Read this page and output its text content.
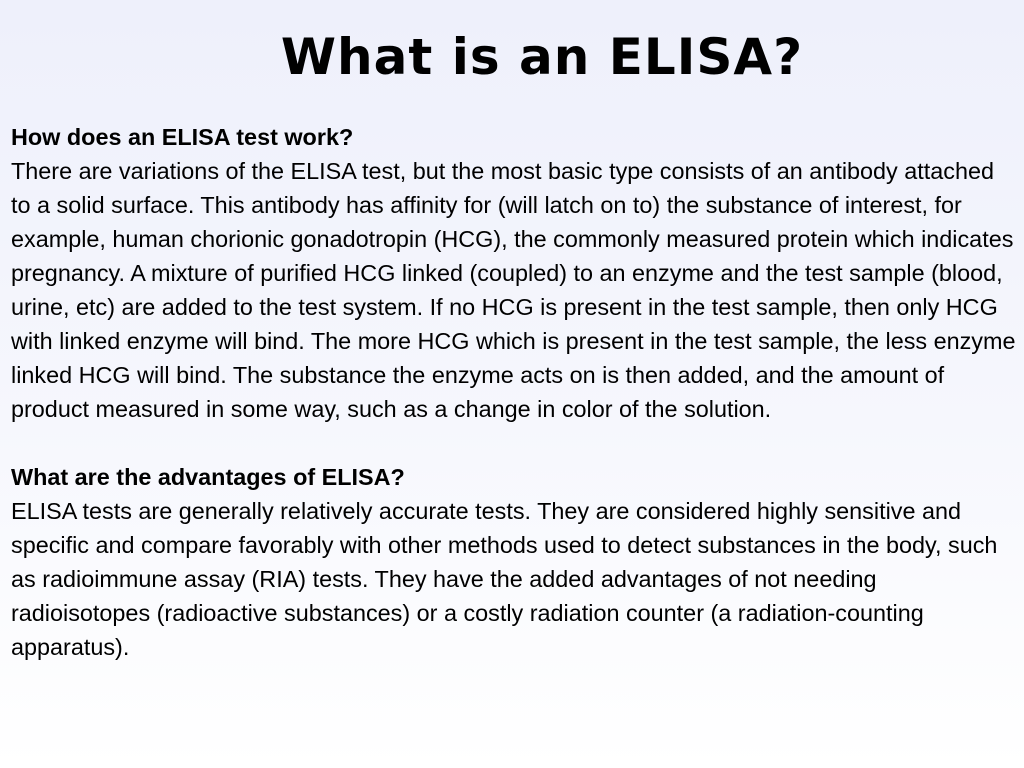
What is an ELISA?

How does an ELISA test work?

There are variations of the ELISA test, but the most basic type consists of an antibody attached to a solid surface. This antibody has affinity for (will latch on to) the substance of interest, for example, human chorionic gonadotropin (HCG), the commonly measured protein which indicates pregnancy. A mixture of purified HCG linked (coupled) to an enzyme and the test sample (blood, urine, etc) are added to the test system. If no HCG is present in the test sample, then only HCG with linked enzyme will bind. The more HCG which is present in the test sample, the less enzyme linked HCG will bind. The substance the enzyme acts on is then added, and the amount of product measured in some way, such as a change in color of the solution.

What are the advantages of ELISA?

ELISA tests are generally relatively accurate tests. They are considered highly sensitive and specific and compare favorably with other methods used to detect substances in the body, such as radioimmune assay (RIA) tests. They have the added advantages of not needing radioisotopes (radioactive substances) or a costly radiation counter (a radiation-counting apparatus).
